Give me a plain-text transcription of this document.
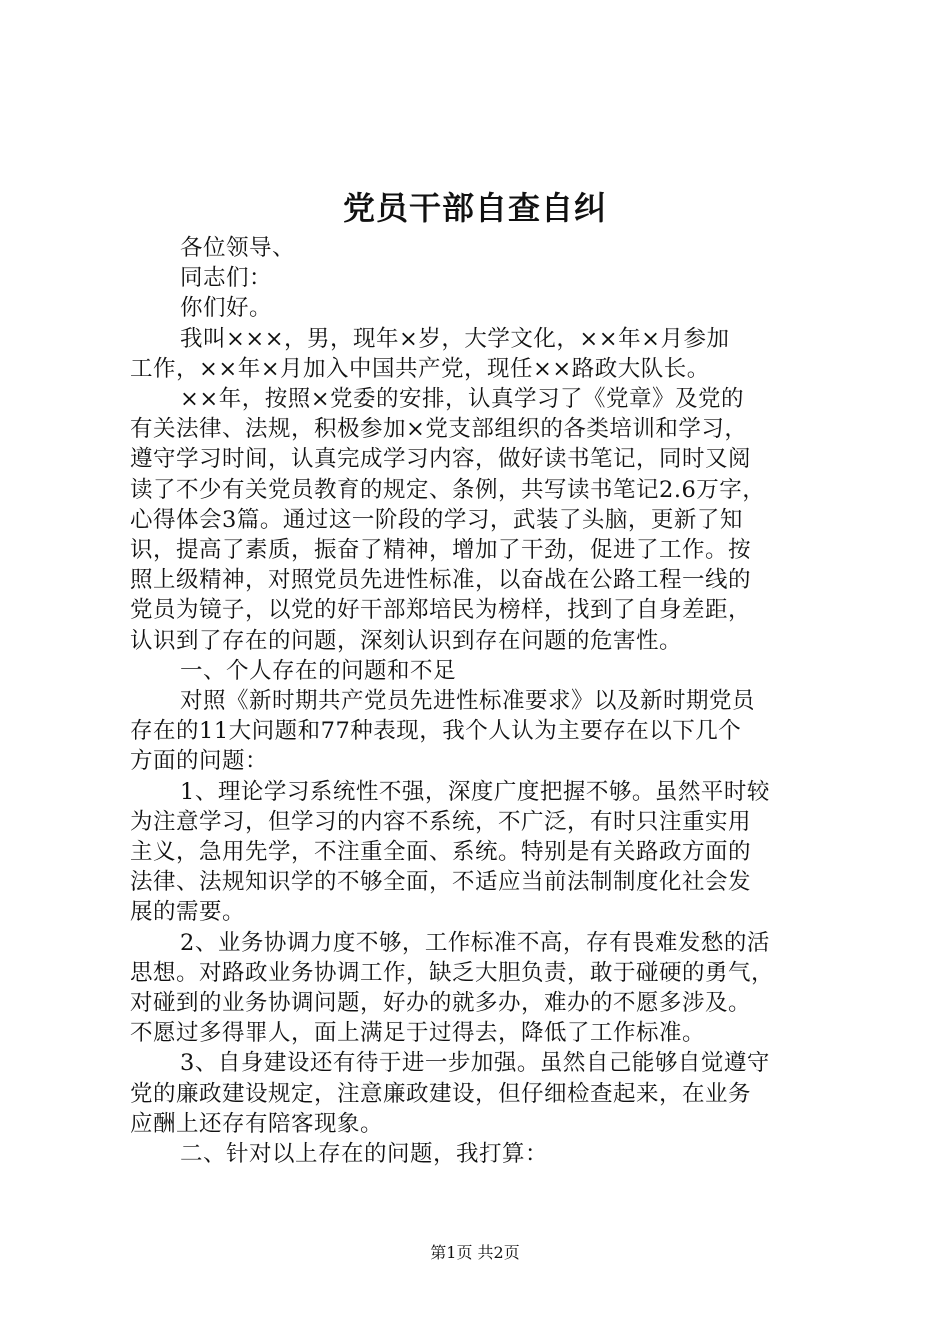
党员干部自查自纠
各位领导、
同志们：
你们好。
我叫×××，男，现年×岁，大学文化，××年×月参加
工作，××年×月加入中国共产党，现任××路政大队长。
××年，按照×党委的安排，认真学习了《党章》及党的
有关法律、法规，积极参加×党支部组织的各类培训和学习，
遵守学习时间，认真完成学习内容，做好读书笔记，同时又阅
读了不少有关党员教育的规定、条例，共写读书笔记2.6万字，
心得体会3篇。通过这一阶段的学习，武装了头脑，更新了知
识，提高了素质，振奋了精神，增加了干劲，促进了工作。按
照上级精神，对照党员先进性标准，以奋战在公路工程一线的
党员为镜子，以党的好干部郑培民为榜样，找到了自身差距，
认识到了存在的问题，深刻认识到存在问题的危害性。
一、个人存在的问题和不足
对照《新时期共产党员先进性标准要求》以及新时期党员
存在的11大问题和77种表现，我个人认为主要存在以下几个
方面的问题：
1、理论学习系统性不强，深度广度把握不够。虽然平时较
为注意学习，但学习的内容不系统，不广泛，有时只注重实用
主义，急用先学，不注重全面、系统。特别是有关路政方面的
法律、法规知识学的不够全面，不适应当前法制制度化社会发
展的需要。
2、业务协调力度不够，工作标准不高，存有畏难发愁的活
思想。对路政业务协调工作，缺乏大胆负责，敢于碰硬的勇气，
对碰到的业务协调问题，好办的就多办，难办的不愿多涉及。
不愿过多得罪人，面上满足于过得去，降低了工作标准。
3、自身建设还有待于进一步加强。虽然自己能够自觉遵守
党的廉政建设规定，注意廉政建设，但仔细检查起来，在业务
应酬上还存有陪客现象。
二、针对以上存在的问题，我打算：
第1页 共2页
